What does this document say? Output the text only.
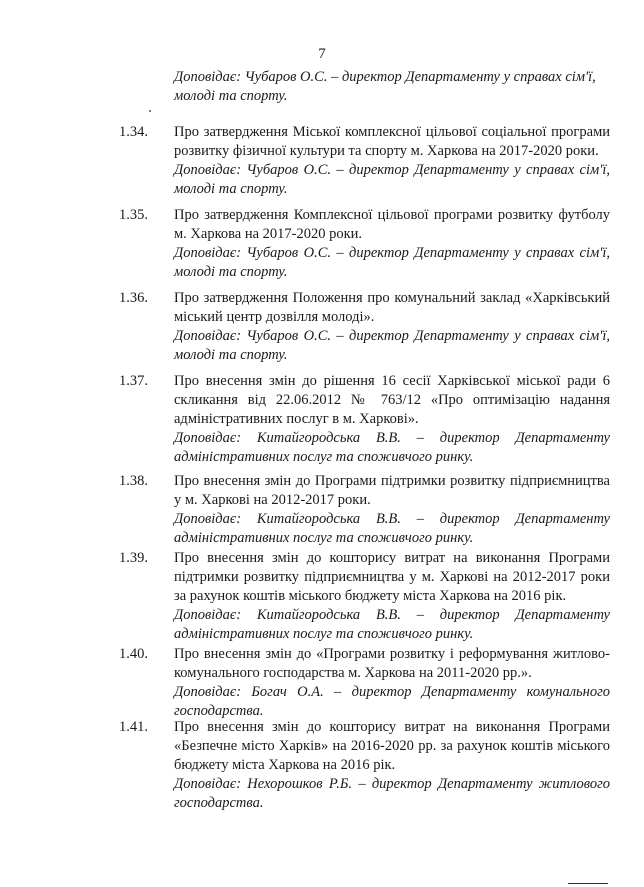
7
Доповідає: Чубаров О.С. – директор Департаменту у справах сім'ї, молоді та спорту.
1.34. Про затвердження Міської комплексної цільової соціальної програми розвитку фізичної культури та спорту м. Харкова на 2017-2020 роки.
Доповідає: Чубаров О.С. – директор Департаменту у справах сім'ї, молоді та спорту.
1.35. Про затвердження Комплексної цільової програми розвитку футболу м. Харкова на 2017-2020 роки.
Доповідає: Чубаров О.С. – директор Департаменту у справах сім'ї, молоді та спорту.
1.36. Про затвердження Положення про комунальний заклад «Харківський міський центр дозвілля молоді».
Доповідає: Чубаров О.С. – директор Департаменту у справах сім'ї, молоді та спорту.
1.37. Про внесення змін до рішення 16 сесії Харківської міської ради 6 скликання від 22.06.2012 № 763/12 «Про оптимізацію надання адміністративних послуг в м. Харкові».
Доповідає: Китайгородська В.В. – директор Департаменту адміністративних послуг та споживчого ринку.
1.38. Про внесення змін до Програми підтримки розвитку підприємництва у м. Харкові на 2012-2017 роки.
Доповідає: Китайгородська В.В. – директор Департаменту адміністративних послуг та споживчого ринку.
1.39. Про внесення змін до кошторису витрат на виконання Програми підтримки розвитку підприємництва у м. Харкові на 2012-2017 роки за рахунок коштів міського бюджету міста Харкова на 2016 рік.
Доповідає: Китайгородська В.В. – директор Департаменту адміністративних послуг та споживчого ринку.
1.40. Про внесення змін до «Програми розвитку і реформування житлово-комунального господарства м. Харкова на 2011-2020 рр.».
Доповідає: Богач О.А. – директор Департаменту комунального господарства.
1.41. Про внесення змін до кошторису витрат на виконання Програми «Безпечне місто Харків» на 2016-2020 рр. за рахунок коштів міського бюджету міста Харкова на 2016 рік.
Доповідає: Нехорошков Р.Б. – директор Департаменту житлового господарства.
